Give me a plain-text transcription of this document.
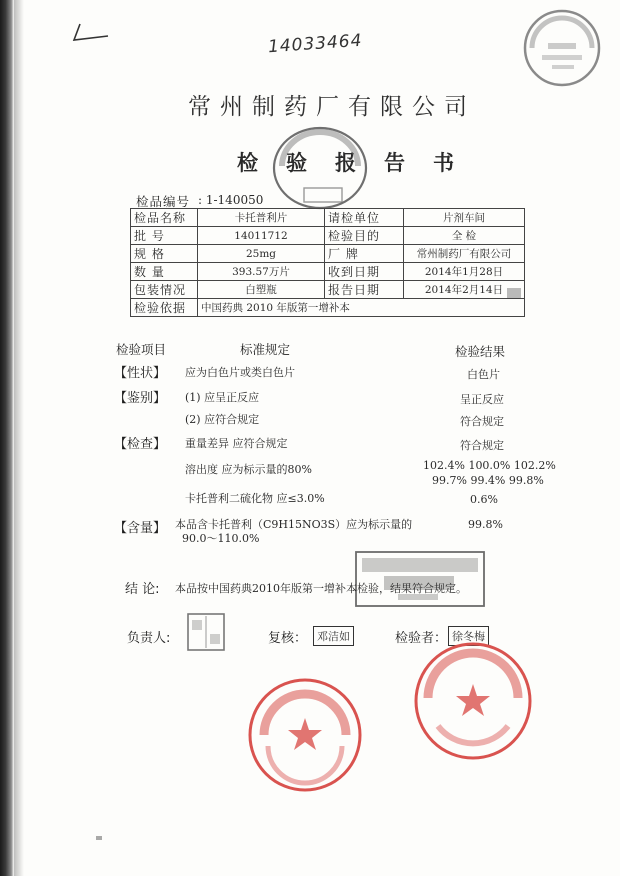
14033464
常州制药厂有限公司
检验报告书
检品编号 : 1-140050
检品名称	卡托普利片	请检单位	片剂车间
批 号	14011712	检验目的	全 检
规 格	25mg	厂 牌	常州制药厂有限公司
数 量	393.57万片	收到日期	2014年1月28日
包装情况	白塑瓶	报告日期	2014年2月14日
检验依据	中国药典 2010 年版第一增补本		
检验项目	标准规定	检验结果
【性状】 应为白色片或类白色片	白色片
【鉴别】 (1) 应呈正反应	呈正反应
(2) 应符合规定	符合规定
【检查】 重量差异 应符合规定	符合规定
溶出度 应为标示量的80%	102.4% 100.0% 102.2%
99.7% 99.4% 99.8%
卡托普利二硫化物 应≤3.0%	0.6%
【含量】 本品含卡托普利（C9H15NO3S）应为标示量的
90.0～110.0%
99.8%
结 论: 本品按中国药典2010年版第一增补本检验，结果符合规定。
负责人:	复核： 邓洁如	检验者： 徐冬梅
